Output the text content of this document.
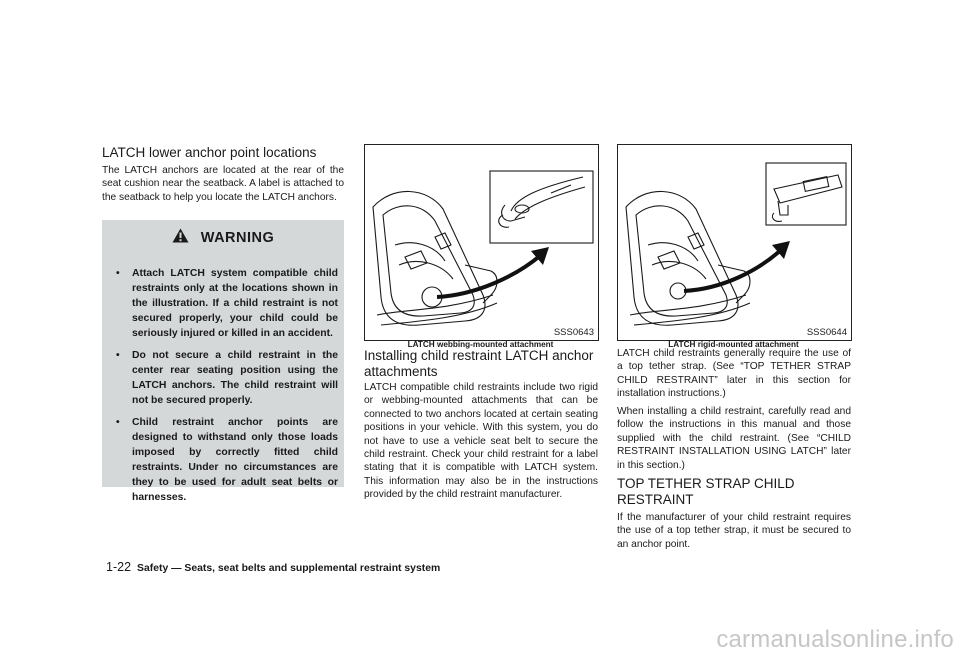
LATCH lower anchor point locations

The LATCH anchors are located at the rear of the seat cushion near the seatback. A label is attached to the seatback to help you locate the LATCH anchors.

WARNING
• Attach LATCH system compatible child restraints only at the locations shown in the illustration. If a child restraint is not secured properly, your child could be seriously injured or killed in an accident.
• Do not secure a child restraint in the center rear seating position using the LATCH anchors. The child restraint will not be secured properly.
• Child restraint anchor points are designed to withstand only those loads imposed by correctly fitted child restraints. Under no circumstances are they to be used for adult seat belts or harnesses.
SSS0643
LATCH webbing-mounted attachment
Installing child restraint LATCH anchor attachments

LATCH compatible child restraints include two rigid or webbing-mounted attachments that can be connected to two anchors located at certain seating positions in your vehicle. With this system, you do not have to use a vehicle seat belt to secure the child restraint. Check your child restraint for a label stating that it is compatible with LATCH system. This information may also be in the instructions provided by the child restraint manufacturer.

SSS0644
LATCH rigid-mounted attachment

LATCH child restraints generally require the use of a top tether strap. (See “TOP TETHER STRAP CHILD RESTRAINT” later in this section for installation instructions.)

When installing a child restraint, carefully read and follow the instructions in this manual and those supplied with the child restraint. (See “CHILD RESTRAINT INSTALLATION USING LATCH” later in this section.)

TOP TETHER STRAP CHILD RESTRAINT

If the manufacturer of your child restraint requires the use of a top tether strap, it must be secured to an anchor point.

1-22 Safety — Seats, seat belts and supplemental restraint system
carmanualsonline.info
